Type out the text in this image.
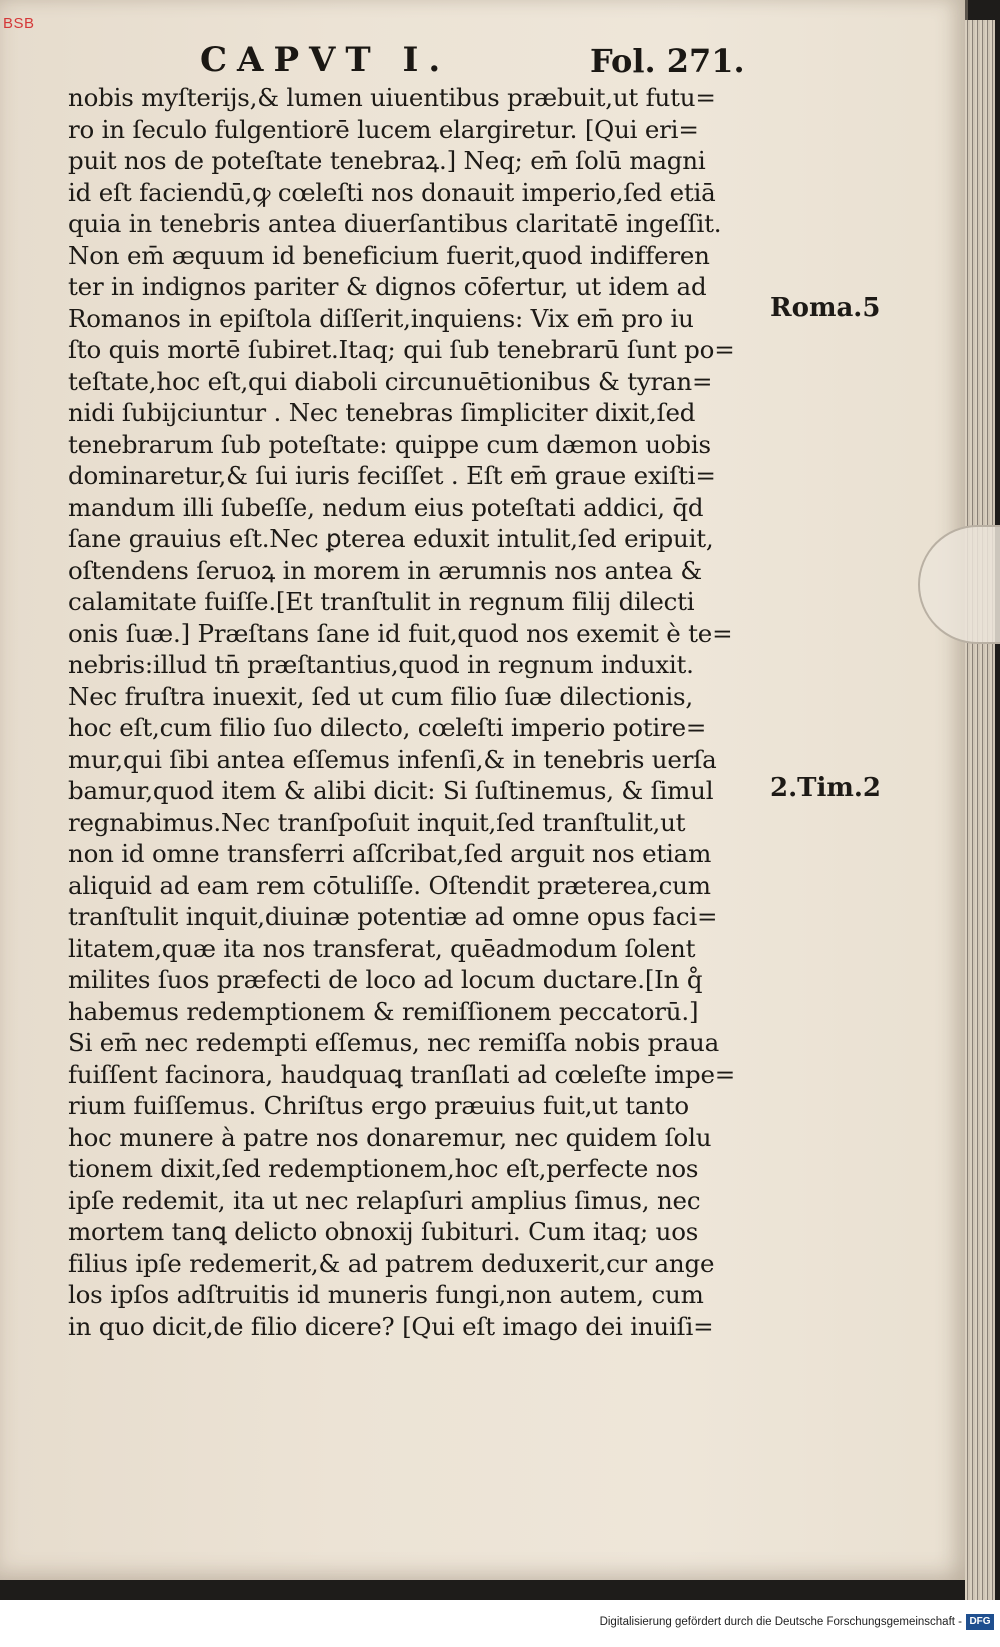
CAPVT I.	Fol. 271.
nobis myſterijs,& lumen uiuentibus præbuit,ut futu=
ro in ſeculo fulgentiorē lucem elargiretur. [Qui eri=
puit nos de poteſtate tenebraꝝ.] Neq; em̄ ſolū magni
id eſt faciendū,ꝙ cœleſti nos donauit imperio,ſed etiā
quia in tenebris antea diuerſantibus claritatē ingeſſit.
Non em̄ æquum id beneficium fuerit,quod indifferen
ter in indignos pariter & dignos cōfertur, ut idem ad
Romanos in epiſtola diſſerit,inquiens: Vix em̄ pro iu
ſto quis mortē ſubiret.Itaq; qui ſub tenebrarū ſunt po=
teſtate,hoc eſt,qui diaboli circunuētionibus & tyran=
nidi ſubijciuntur . Nec tenebras ſimpliciter dixit,ſed
tenebrarum ſub poteſtate: quippe cum dæmon uobis
dominaretur,& ſui iuris feciſſet . Eſt em̄ graue exiſti=
mandum illi ſubeſſe, nedum eius poteſtati addici, q̄d
ſane grauius eſt.Nec ꝑterea eduxit intulit,ſed eripuit,
oſtendens ſeruoꝝ in morem in ærumnis nos antea &
calamitate fuiſſe.[Et tranſtulit in regnum filij dilecti
onis ſuæ.] Præſtans ſane id fuit,quod nos exemit è te=
nebris:illud tn̄ præſtantius,quod in regnum induxit.
Nec fruſtra inuexit, ſed ut cum filio ſuæ dilectionis,
hoc eſt,cum filio ſuo dilecto, cœleſti imperio potire=
mur,qui ſibi antea eſſemus infenſi,& in tenebris uerſa
bamur,quod item & alibi dicit: Si ſuſtinemus, & ſimul
regnabimus.Nec tranſpoſuit inquit,ſed tranſtulit,ut
non id omne transferri aſſcribat,ſed arguit nos etiam
aliquid ad eam rem cōtuliſſe. Oſtendit præterea,cum
tranſtulit inquit,diuinæ potentiæ ad omne opus faci=
litatem,quæ ita nos transferat, quēadmodum ſolent
milites ſuos præfecti de loco ad locum ductare.[In q̊
habemus redemptionem & remiſſionem peccatorū.]
Si em̄ nec redempti eſſemus, nec remiſſa nobis praua
fuiſſent facinora, haudquaꝗ tranſlati ad cœleſte impe=
rium fuiſſemus. Chriſtus ergo præuius fuit,ut tanto
hoc munere à patre nos donaremur, nec quidem ſolu
tionem dixit,ſed redemptionem,hoc eſt,perfecte nos
ipſe redemit, ita ut nec relapſuri amplius ſimus, nec
mortem tanꝗ delicto obnoxij ſubituri. Cum itaq; uos
filius ipſe redemerit,& ad patrem deduxerit,cur ange
los ipſos adſtruitis id muneris fungi,non autem, cum
in quo dicit,de filio dicere? [Qui eſt imago dei inuiſi=
Roma.5
2.Tim.2
BSB
Digitalisierung gefördert durch die Deutsche Forschungsgemeinschaft - DFG
